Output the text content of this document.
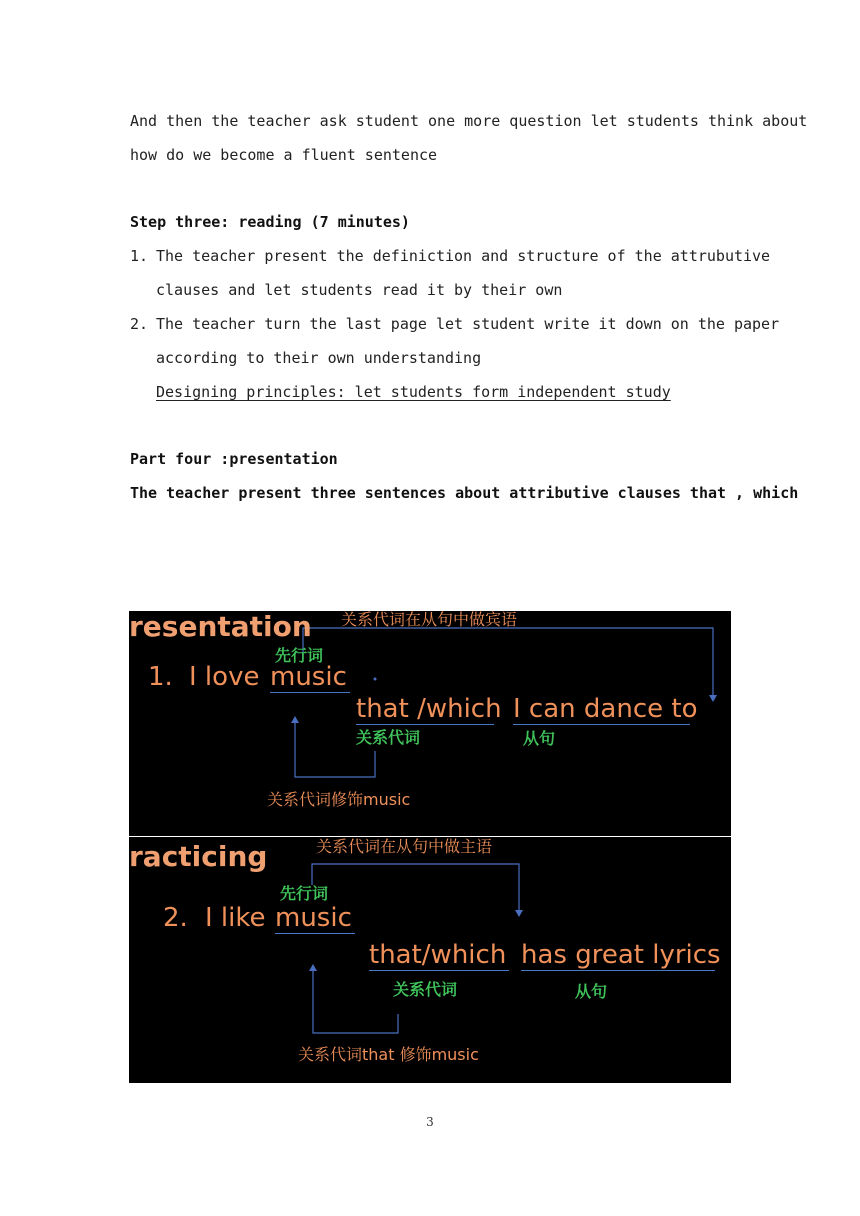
And then the teacher ask student one more question let students think about
how do we become a fluent sentence
Step three: reading (7 minutes)
1. The teacher present the definiction and structure of the attrubutive
clauses and let students read it by their own
2. The teacher turn the last page let student write it down on the paper
according to their own understanding
Designing principles: let students form independent study
Part four :presentation
The teacher present three sentences about attributive clauses that , which
resentation 关系代词在从句中做宾语
先行词
1. I love music
that /which I can dance to
关系代词	从句
关系代词修饰music
racticing	关系代词在从句中做主语
先行词
2. I like music
that/which has great lyrics
关系代词	从句
关系代词that 修饰music
3
